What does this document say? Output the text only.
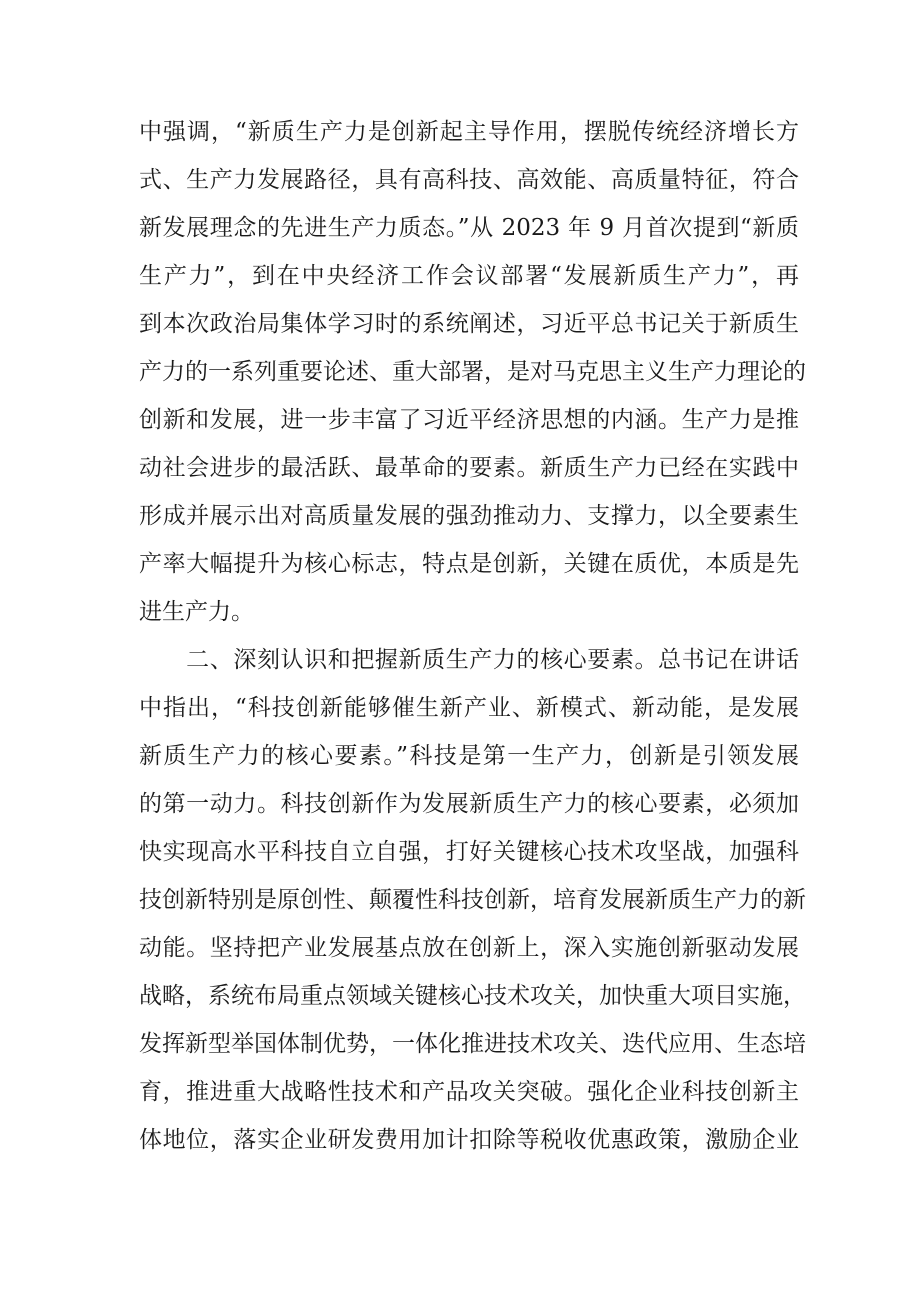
中强调，“新质生产力是创新起主导作用，摆脱传统经济增长方
式、生产力发展路径，具有高科技、高效能、高质量特征，符合
新发展理念的先进生产力质态。”从 2023 年 9 月首次提到“新质
生产力”，到在中央经济工作会议部署“发展新质生产力”，再
到本次政治局集体学习时的系统阐述，习近平总书记关于新质生
产力的一系列重要论述、重大部署，是对马克思主义生产力理论的
创新和发展，进一步丰富了习近平经济思想的内涵。生产力是推
动社会进步的最活跃、最革命的要素。新质生产力已经在实践中
形成并展示出对高质量发展的强劲推动力、支撑力，以全要素生
产率大幅提升为核心标志，特点是创新，关键在质优，本质是先
进生产力。
　　二、深刻认识和把握新质生产力的核心要素。总书记在讲话
中指出，“科技创新能够催生新产业、新模式、新动能，是发展
新质生产力的核心要素。”科技是第一生产力，创新是引领发展
的第一动力。科技创新作为发展新质生产力的核心要素，必须加
快实现高水平科技自立自强，打好关键核心技术攻坚战，加强科
技创新特别是原创性、颠覆性科技创新，培育发展新质生产力的新
动能。坚持把产业发展基点放在创新上，深入实施创新驱动发展
战略，系统布局重点领域关键核心技术攻关，加快重大项目实施，
发挥新型举国体制优势，一体化推进技术攻关、迭代应用、生态培
育，推进重大战略性技术和产品攻关突破。强化企业科技创新主
体地位，落实企业研发费用加计扣除等税收优惠政策，激励企业
